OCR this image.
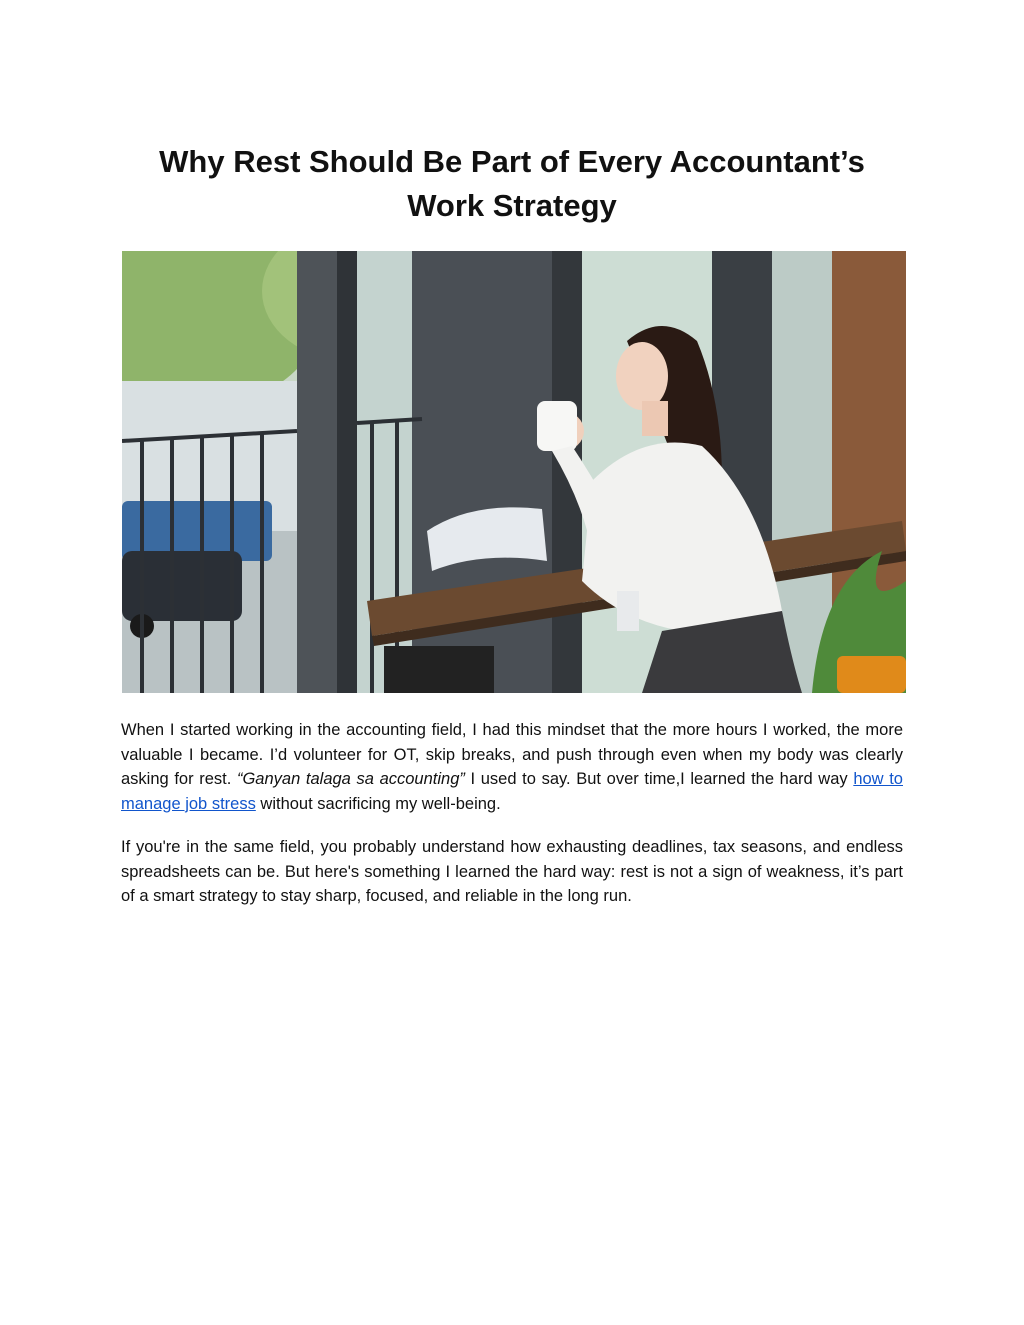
Why Rest Should Be Part of Every Accountant’s
Work Strategy

When I started working in the accounting field, I had this mindset that the more hours I worked, the more valuable I became. I’d volunteer for OT, skip breaks, and push through even when my body was clearly asking for rest. “Ganyan talaga sa accounting” I used to say. But over time,I learned the hard way how to manage job stress without sacrificing my well-being.

If you're in the same field, you probably understand how exhausting deadlines, tax seasons, and endless spreadsheets can be. But here's something I learned the hard way: rest is not a sign of weakness, it’s part of a smart strategy to stay sharp, focused, and reliable in the long run.
